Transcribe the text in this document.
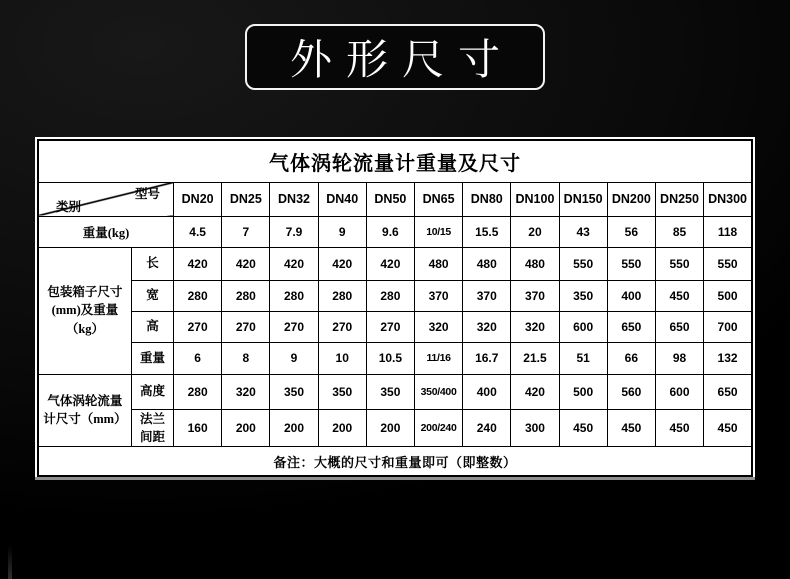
外形尺寸
气体涡轮流量计重量及尺寸													

型号
类别		DN20	DN25	DN32	DN40	DN50	DN65	DN80	DN100	DN150	DN200	DN250	DN300
重量(kg)		4.5	7	7.9	9	9.6	10/15	15.5	20	43	56	85	118

包装箱子尺寸
(mm)及重量
（kg）	长	420	420	420	420	420	480	480	480	550	550	550	550

	宽	280	280	280	280	280	370	370	370	350	400	450	500

	高	270	270	270	270	270	320	320	320	600	650	650	700

	重量	6	8	9	10	10.5	11/16	16.7	21.5	51	66	98	132

气体涡轮流量
计尺寸（mm）	高度	280	320	350	350	350	350/400	400	420	500	560	600	650

	法兰
间距	160	200	200	200	200	200/240	240	300	450	450	450	450
备注：大概的尺寸和重量即可（即整数）													
